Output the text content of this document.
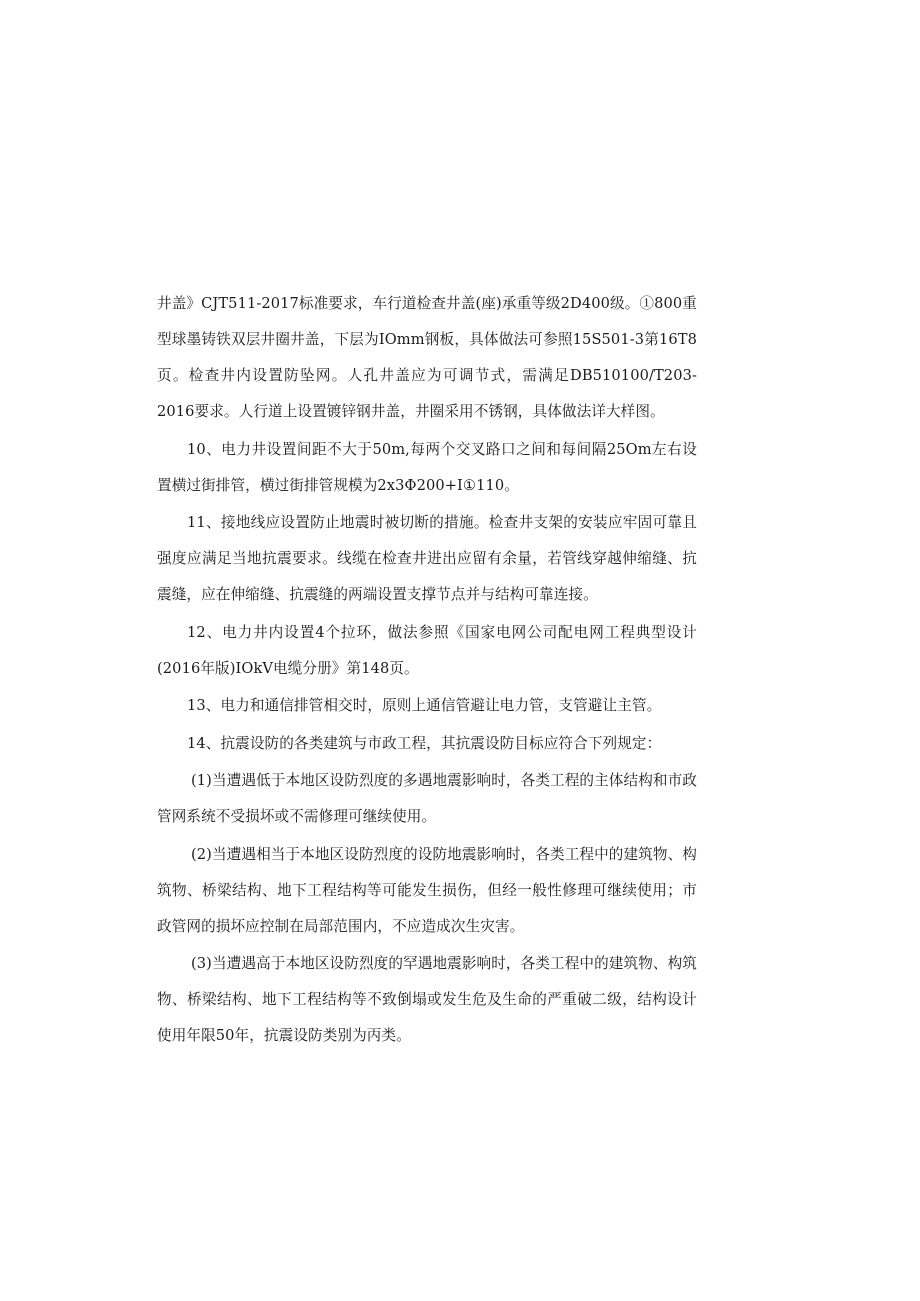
井盖》CJT511-2017标准要求，车行道检查井盖(座)承重等级2D400级。①800重型球墨铸铁双层井圈井盖，下层为IOmm钢板，具体做法可参照15S501-3第16T8页。检查井内设置防坠网。人孔井盖应为可调节式，需满足DB510100/T203-2016要求。人行道上设置镀锌钢井盖，井圈采用不锈钢，具体做法详大样图。

10、电力井设置间距不大于50m,每两个交叉路口之间和每间隔25Om左右设置横过街排管，横过街排管规模为2x3Φ200+I①110。

11、接地线应设置防止地震时被切断的措施。检查井支架的安装应牢固可靠且强度应满足当地抗震要求。线缆在检查井进出应留有余量，若管线穿越伸缩缝、抗震缝，应在伸缩缝、抗震缝的两端设置支撑节点并与结构可靠连接。

12、电力井内设置4个拉环，做法参照《国家电网公司配电网工程典型设计(2016年版)IOkV电缆分册》第148页。

13、电力和通信排管相交时，原则上通信管避让电力管，支管避让主管。

14、抗震设防的各类建筑与市政工程，其抗震设防目标应符合下列规定：

(1)当遭遇低于本地区设防烈度的多遇地震影响时，各类工程的主体结构和市政管网系统不受损坏或不需修理可继续使用。

(2)当遭遇相当于本地区设防烈度的设防地震影响时，各类工程中的建筑物、构筑物、桥梁结构、地下工程结构等可能发生损伤，但经一般性修理可继续使用；市政管网的损坏应控制在局部范围内，不应造成次生灾害。

(3)当遭遇高于本地区设防烈度的罕遇地震影响时，各类工程中的建筑物、构筑物、桥梁结构、地下工程结构等不致倒塌或发生危及生命的严重破二级，结构设计使用年限50年，抗震设防类别为丙类。
